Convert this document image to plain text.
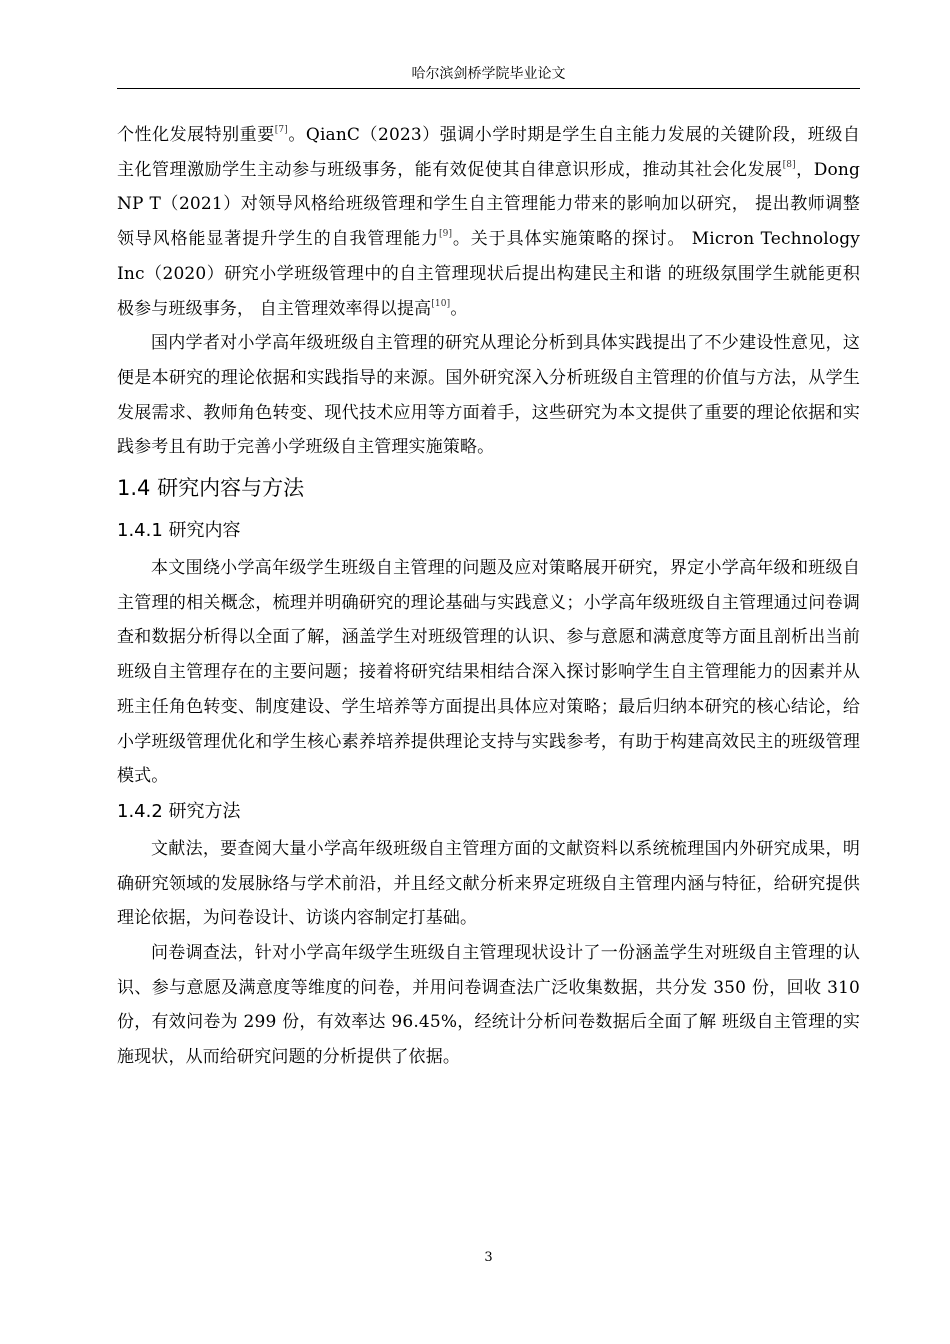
哈尔滨剑桥学院毕业论文

个性化发展特别重要[7]。QianC（2023）强调小学时期是学生自主能力发展的关键阶段，班级自主化管理激励学生主动参与班级事务，能有效促使其自律意识形成，推动其社会化发展[8]，Dong NP T（2021）对领导风格给班级管理和学生自主管理能力带来的影响加以研究， 提出教师调整领导风格能显著提升学生的自我管理能力[9]。关于具体实施策略的探讨。 Micron Technology Inc（2020）研究小学班级管理中的自主管理现状后提出构建民主和谐 的班级氛围学生就能更积极参与班级事务， 自主管理效率得以提高[10]。

国内学者对小学高年级班级自主管理的研究从理论分析到具体实践提出了不少建设性意见，这便是本研究的理论依据和实践指导的来源。国外研究深入分析班级自主管理的价值与方法，从学生发展需求、教师角色转变、现代技术应用等方面着手，这些研究为本文提供了重要的理论依据和实践参考且有助于完善小学班级自主管理实施策略。

1.4 研究内容与方法
1.4.1 研究内容

本文围绕小学高年级学生班级自主管理的问题及应对策略展开研究，界定小学高年级和班级自主管理的相关概念，梳理并明确研究的理论基础与实践意义；小学高年级班级自主管理通过问卷调查和数据分析得以全面了解，涵盖学生对班级管理的认识、参与意愿和满意度等方面且剖析出当前班级自主管理存在的主要问题；接着将研究结果相结合深入探讨影响学生自主管理能力的因素并从班主任角色转变、制度建设、学生培养等方面提出具体应对策略；最后归纳本研究的核心结论，给小学班级管理优化和学生核心素养培养提供理论支持与实践参考，有助于构建高效民主的班级管理模式。

1.4.2 研究方法

文献法，要查阅大量小学高年级班级自主管理方面的文献资料以系统梳理国内外研究成果，明确研究领域的发展脉络与学术前沿，并且经文献分析来界定班级自主管理内涵与特征，给研究提供理论依据，为问卷设计、访谈内容制定打基础。

问卷调查法，针对小学高年级学生班级自主管理现状设计了一份涵盖学生对班级自主管理的认识、参与意愿及满意度等维度的问卷，并用问卷调查法广泛收集数据，共分发 350 份，回收 310 份，有效问卷为 299 份，有效率达 96.45%，经统计分析问卷数据后全面了解 班级自主管理的实施现状，从而给研究问题的分析提供了依据。

3
